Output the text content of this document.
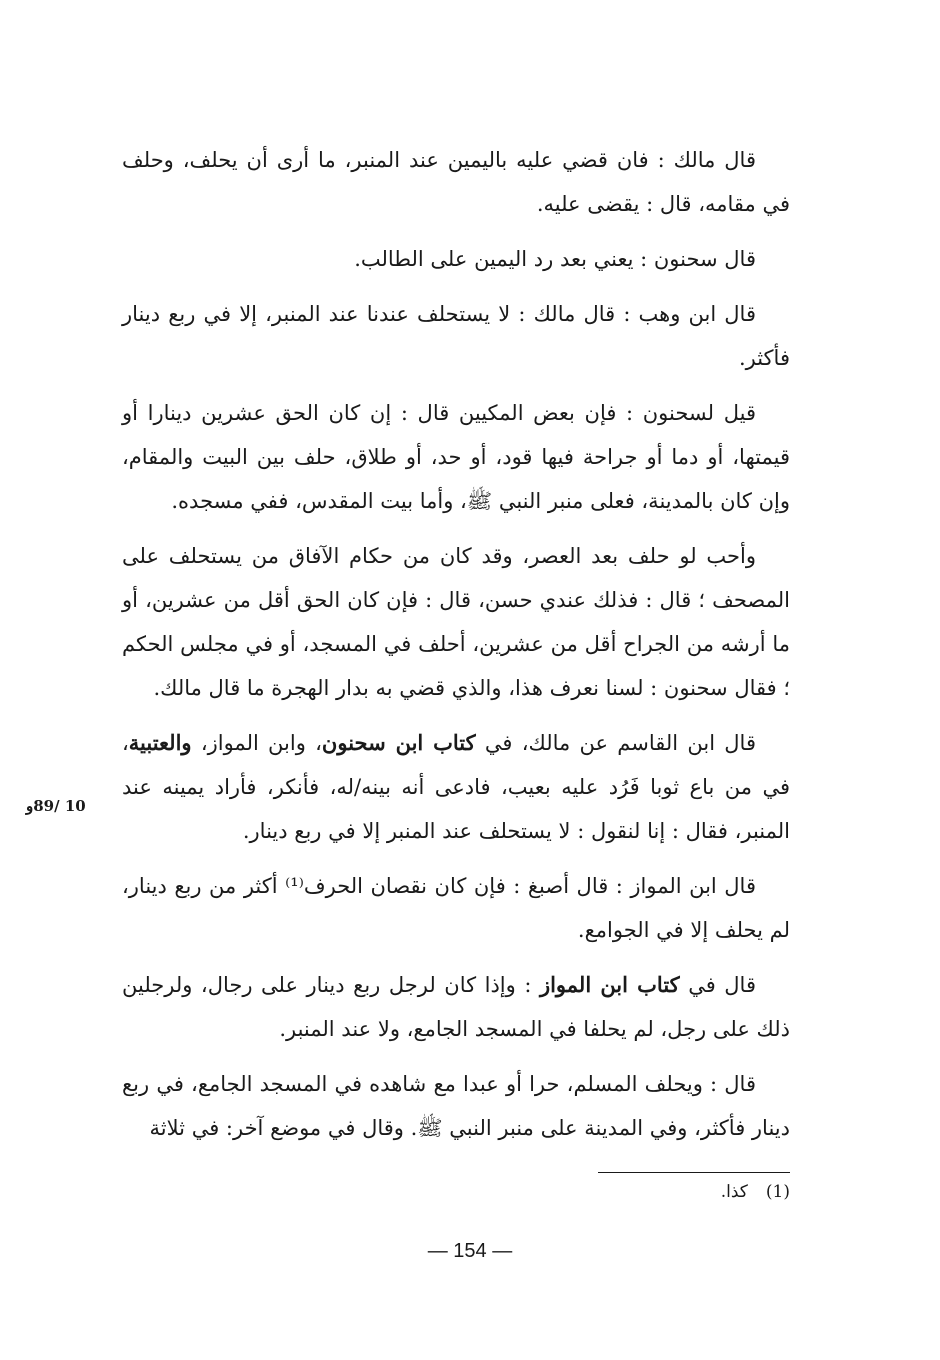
قال مالك : فان قضي عليه باليمين عند المنبر، ما أرى أن يحلف، وحلف في مقامه، قال : يقضى عليه.

قال سحنون : يعني بعد رد اليمين على الطالب.

قال ابن وهب : قال مالك : لا يستحلف عندنا عند المنبر، إلا في ربع دينار فأكثر.

قيل لسحنون : فإن بعض المكيين قال : إن كان الحق عشرين دينارا أو قيمتها، أو دما أو جراحة فيها قود، أو حد، أو طلاق، حلف بين البيت والمقام، وإن كان بالمدينة، فعلى منبر النبي ﷺ، وأما بيت المقدس، ففي مسجده.

وأحب لو حلف بعد العصر، وقد كان من حكام الآفاق من يستحلف على المصحف ؛ قال : فذلك عندي حسن، قال : فإن كان الحق أقل من عشرين، أو ما أرشه من الجراح أقل من عشرين، أحلف في المسجد، أو في مجلس الحكم ؛ فقال سحنون : لسنا نعرف هذا، والذي قضي به بدار الهجرة ما قال مالك.

قال ابن القاسم عن مالك، في كتاب ابن سحنون، وابن المواز، والعتبية، في من باع ثوبا فَرُد عليه بعيب، فادعى أنه بينه/له، فأنكر، فأراد يمينه عند المنبر، فقال : إنا لنقول : لا يستحلف عند المنبر إلا في ربع دينار.

قال ابن المواز : قال أصبغ : فإن كان نقصان الحرف⁽¹⁾ أكثر من ربع دينار، لم يحلف إلا في الجوامع.

قال في كتاب ابن المواز : وإذا كان لرجل ربع دينار على رجال، ولرجلين ذلك على رجل، لم يحلفا في المسجد الجامع، ولا عند المنبر.

قال : ويحلف المسلم، حرا أو عبدا مع شاهده في المسجد الجامع، في ربع دينار فأكثر، وفي المدينة على منبر النبي ﷺ. وقال في موضع آخر: في ثلاثة

10 /89و
(1)كذا.
— 154 —
